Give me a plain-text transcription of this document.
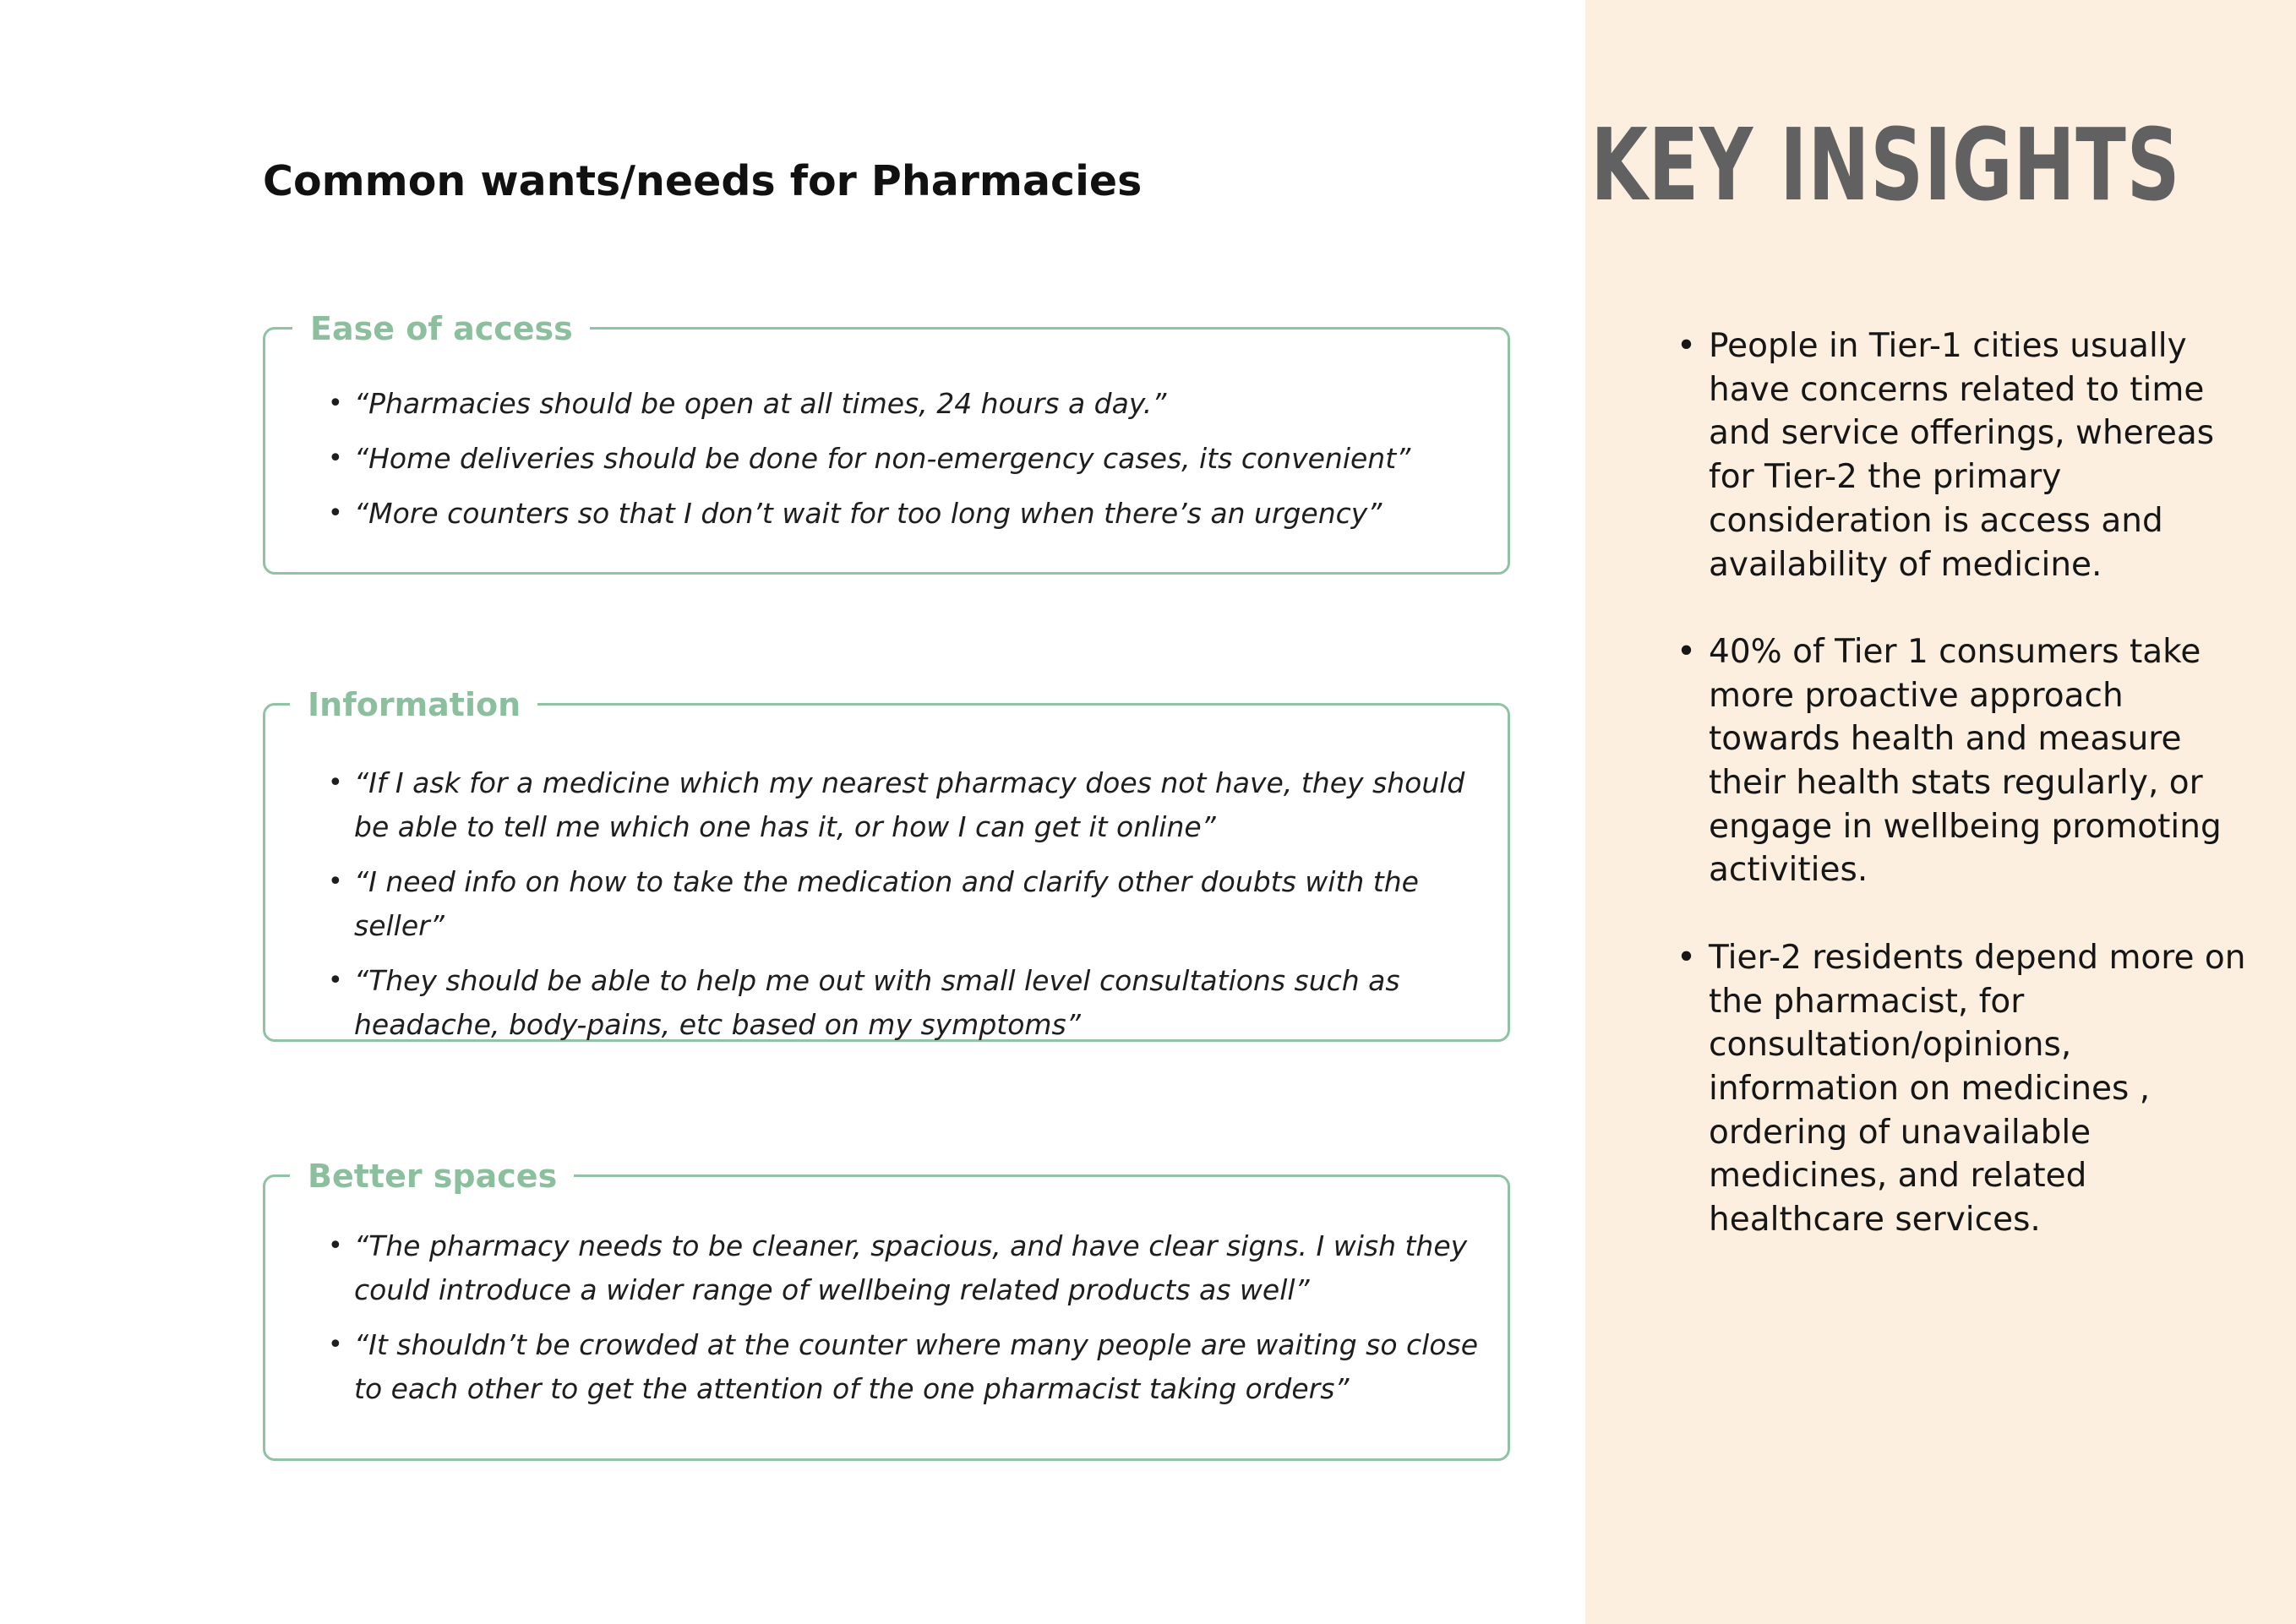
Common wants/needs for Pharmacies
Ease of access
• “Pharmacies should be open at all times, 24 hours a day.”
• “Home deliveries should be done for non-emergency cases, its convenient”
• “More counters so that I don’t wait for too long when there’s an urgency”
Information
• “If I ask for a medicine which my nearest pharmacy does not have, they should be able to tell me which one has it, or how I can get it online”
• “I need info on how to take the medication and clarify other doubts with the seller”
• “They should be able to help me out with small level consultations such as headache, body-pains, etc based on my symptoms”
Better spaces
• “The pharmacy needs to be cleaner, spacious, and have clear signs. I wish they could introduce a wider range of wellbeing related products as well”
• “It shouldn’t be crowded at the counter where many people are waiting so close to each other to get the attention of the one pharmacist taking orders”
KEY INSIGHTS
• People in Tier-1 cities usually have concerns related to time and service offerings, whereas for Tier-2 the primary consideration is access and availability of medicine.
• 40% of Tier 1 consumers take more proactive approach towards health and measure their health stats regularly, or engage in wellbeing promoting activities.
• Tier-2 residents depend more on the pharmacist, for consultation/opinions, information on medicines , ordering of unavailable medicines, and related healthcare services.
